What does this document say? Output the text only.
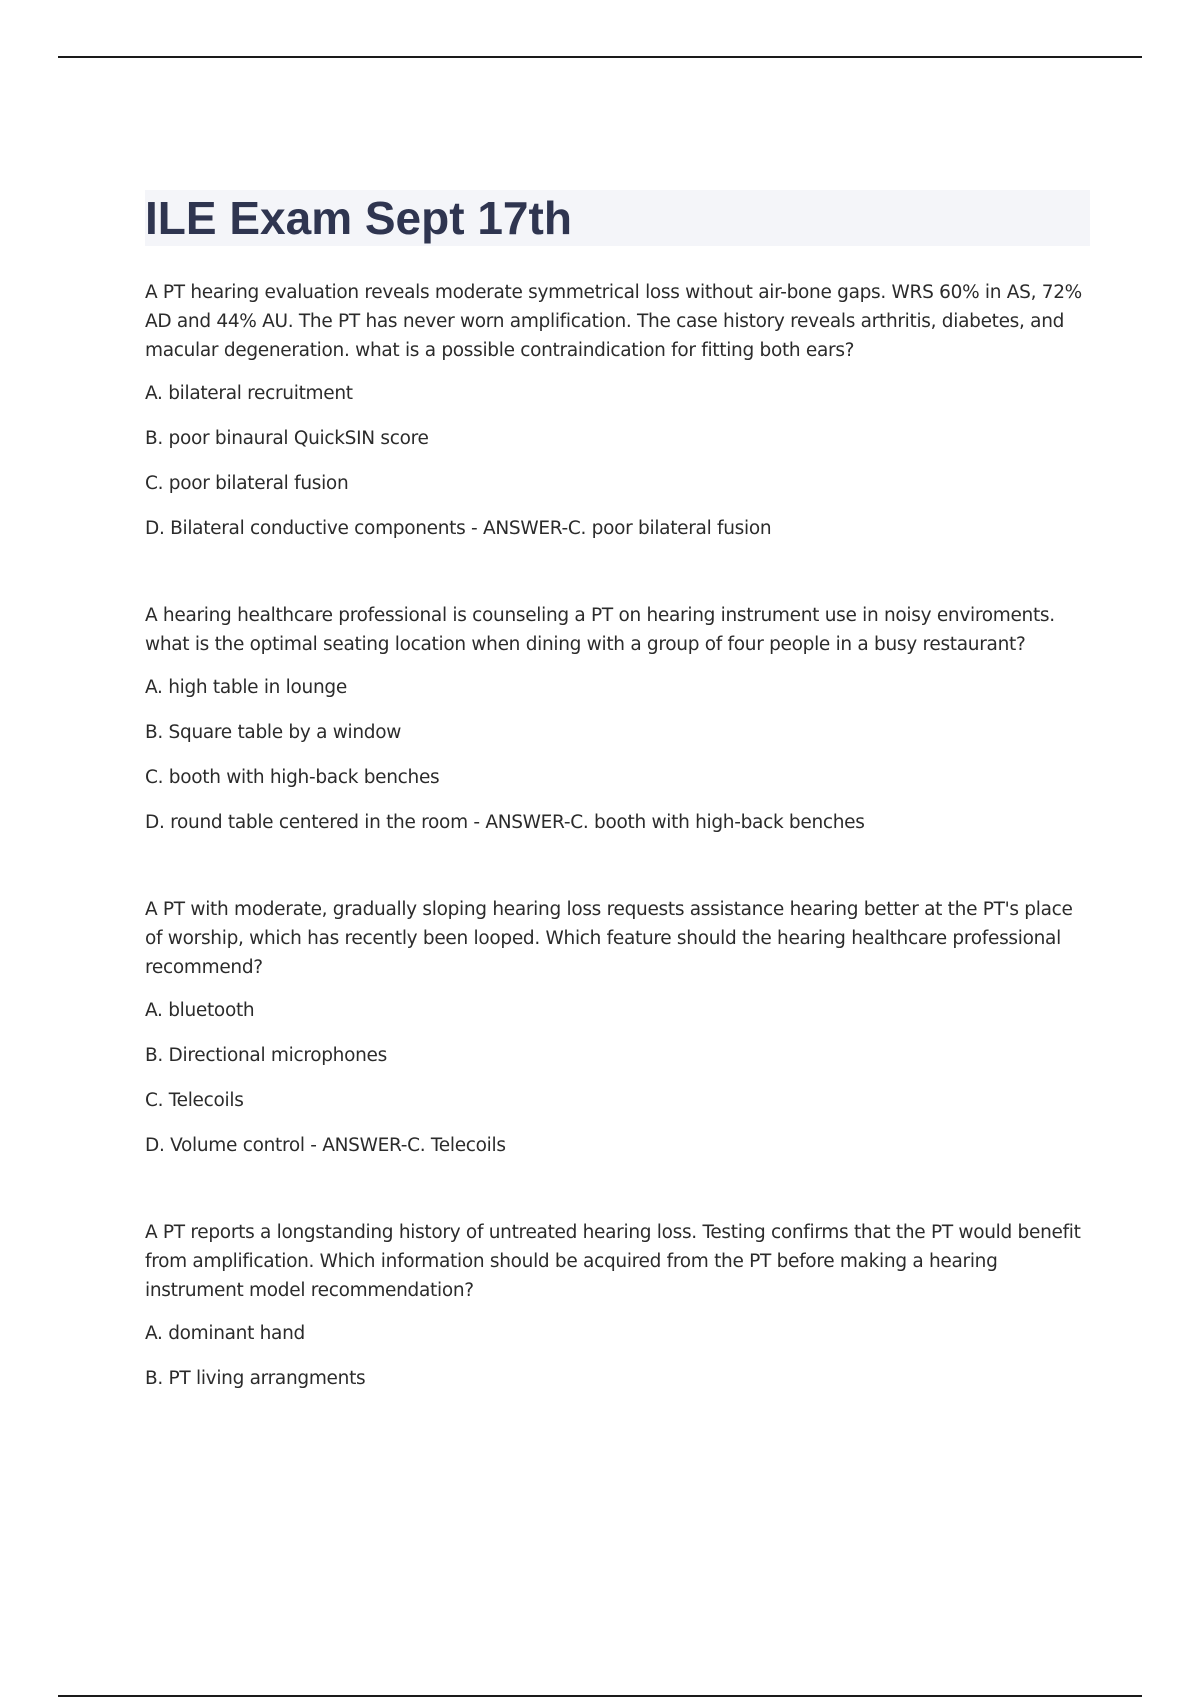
ILE Exam Sept 17th

A PT hearing evaluation reveals moderate symmetrical loss without air-bone gaps. WRS 60% in AS, 72% AD and 44% AU. The PT has never worn amplification. The case history reveals arthritis, diabetes, and macular degeneration. what is a possible contraindication for fitting both ears?

A. bilateral recruitment

B. poor binaural QuickSIN score

C. poor bilateral fusion

D. Bilateral conductive components - ANSWER-C. poor bilateral fusion

A hearing healthcare professional is counseling a PT on hearing instrument use in noisy enviroments. what is the optimal seating location when dining with a group of four people in a busy restaurant?

A. high table in lounge

B. Square table by a window

C. booth with high-back benches

D. round table centered in the room - ANSWER-C. booth with high-back benches

A PT with moderate, gradually sloping hearing loss requests assistance hearing better at the PT's place of worship, which has recently been looped. Which feature should the hearing healthcare professional recommend?

A. bluetooth

B. Directional microphones

C. Telecoils

D. Volume control - ANSWER-C. Telecoils

A PT reports a longstanding history of untreated hearing loss. Testing confirms that the PT would benefit from amplification. Which information should be acquired from the PT before making a hearing instrument model recommendation?

A. dominant hand

B. PT living arrangments
